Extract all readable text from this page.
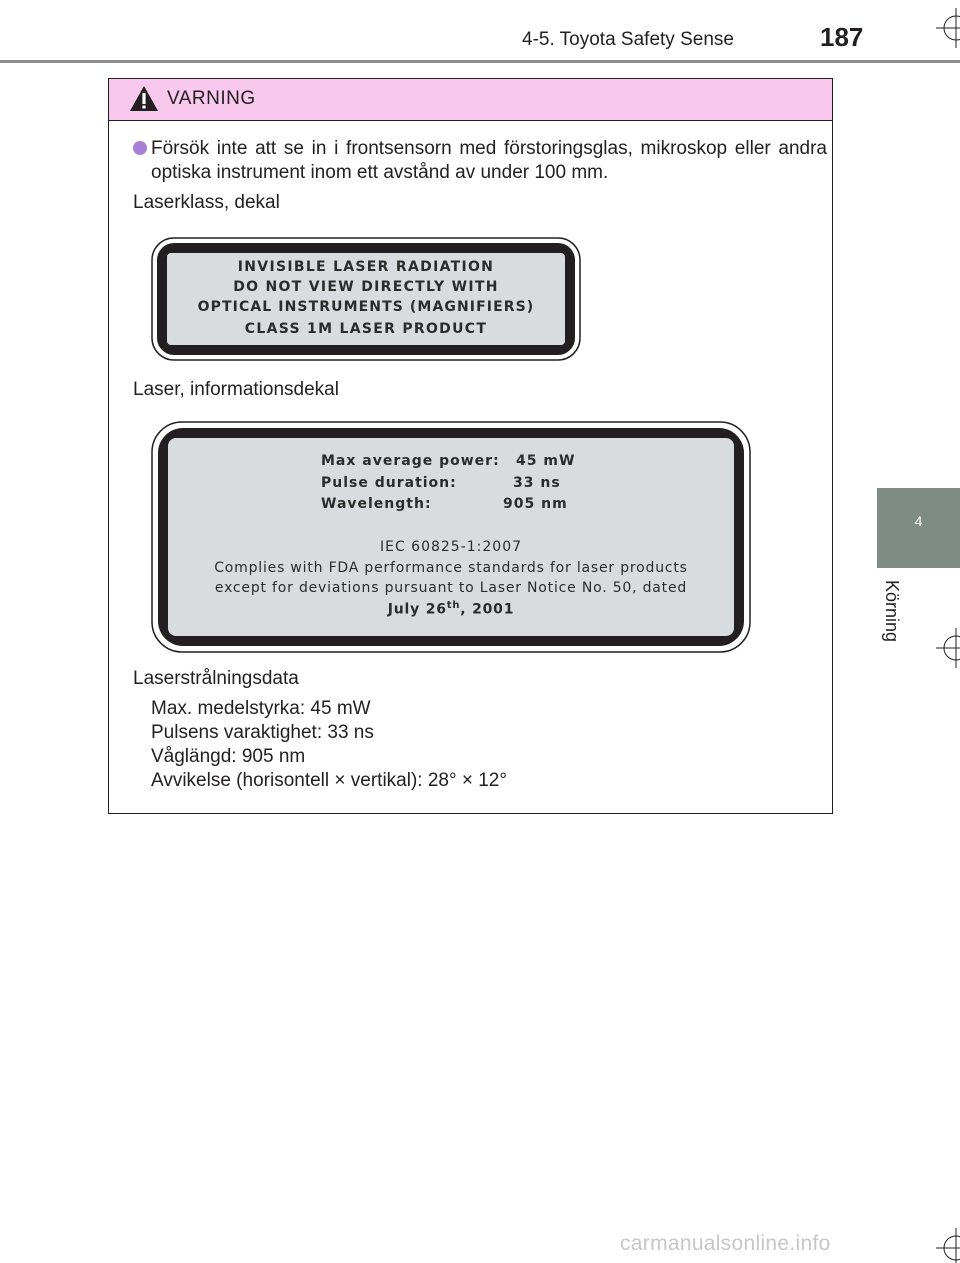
4-5. Toyota Safety Sense	187
4
Körning
VARNING
Försök inte att se in i frontsensorn med förstoringsglas, mikroskop eller andra optiska instrument inom ett avstånd av under 100 mm.
Laserklass, dekal
INVISIBLE LASER RADIATION
DO NOT VIEW DIRECTLY WITH
OPTICAL INSTRUMENTS (MAGNIFIERS)
CLASS 1M LASER PRODUCT
Laser, informationsdekal
Max average power: 45 mW
Pulse duration:	33 ns
Wavelength:	905 nm
IEC 60825-1:2007
Complies with FDA performance standards for laser products
except for deviations pursuant to Laser Notice No. 50, dated
July 26th, 2001
Laserstrålningsdata
Max. medelstyrka: 45 mW
Pulsens varaktighet: 33 ns
Våglängd: 905 nm
Avvikelse (horisontell × vertikal): 28° × 12°
carmanualsonline.info
